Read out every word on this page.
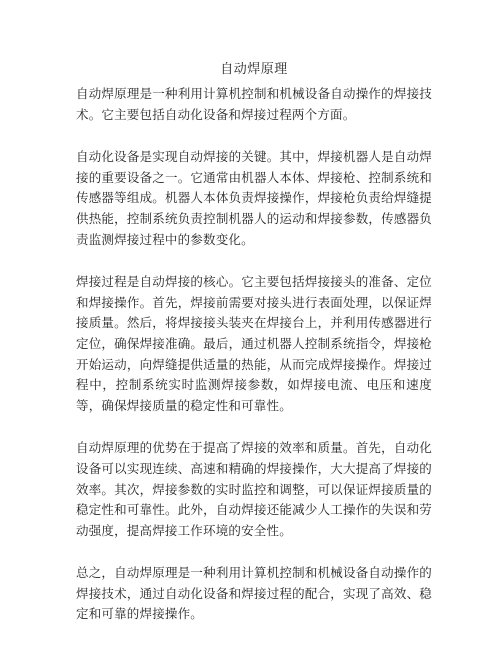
自动焊原理

自动焊原理是一种利用计算机控制和机械设备自动操作的焊接技术。它主要包括自动化设备和焊接过程两个方面。

自动化设备是实现自动焊接的关键。其中，焊接机器人是自动焊接的重要设备之一。它通常由机器人本体、焊接枪、控制系统和传感器等组成。机器人本体负责焊接操作，焊接枪负责给焊缝提供热能，控制系统负责控制机器人的运动和焊接参数，传感器负责监测焊接过程中的参数变化。

焊接过程是自动焊接的核心。它主要包括焊接接头的准备、定位和焊接操作。首先，焊接前需要对接头进行表面处理，以保证焊接质量。然后，将焊接接头装夹在焊接台上，并利用传感器进行定位，确保焊接准确。最后，通过机器人控制系统指令，焊接枪开始运动，向焊缝提供适量的热能，从而完成焊接操作。焊接过程中，控制系统实时监测焊接参数，如焊接电流、电压和速度等，确保焊接质量的稳定性和可靠性。

自动焊原理的优势在于提高了焊接的效率和质量。首先，自动化设备可以实现连续、高速和精确的焊接操作，大大提高了焊接的效率。其次，焊接参数的实时监控和调整，可以保证焊接质量的稳定性和可靠性。此外，自动焊接还能减少人工操作的失误和劳动强度，提高焊接工作环境的安全性。

总之，自动焊原理是一种利用计算机控制和机械设备自动操作的焊接技术，通过自动化设备和焊接过程的配合，实现了高效、稳定和可靠的焊接操作。
